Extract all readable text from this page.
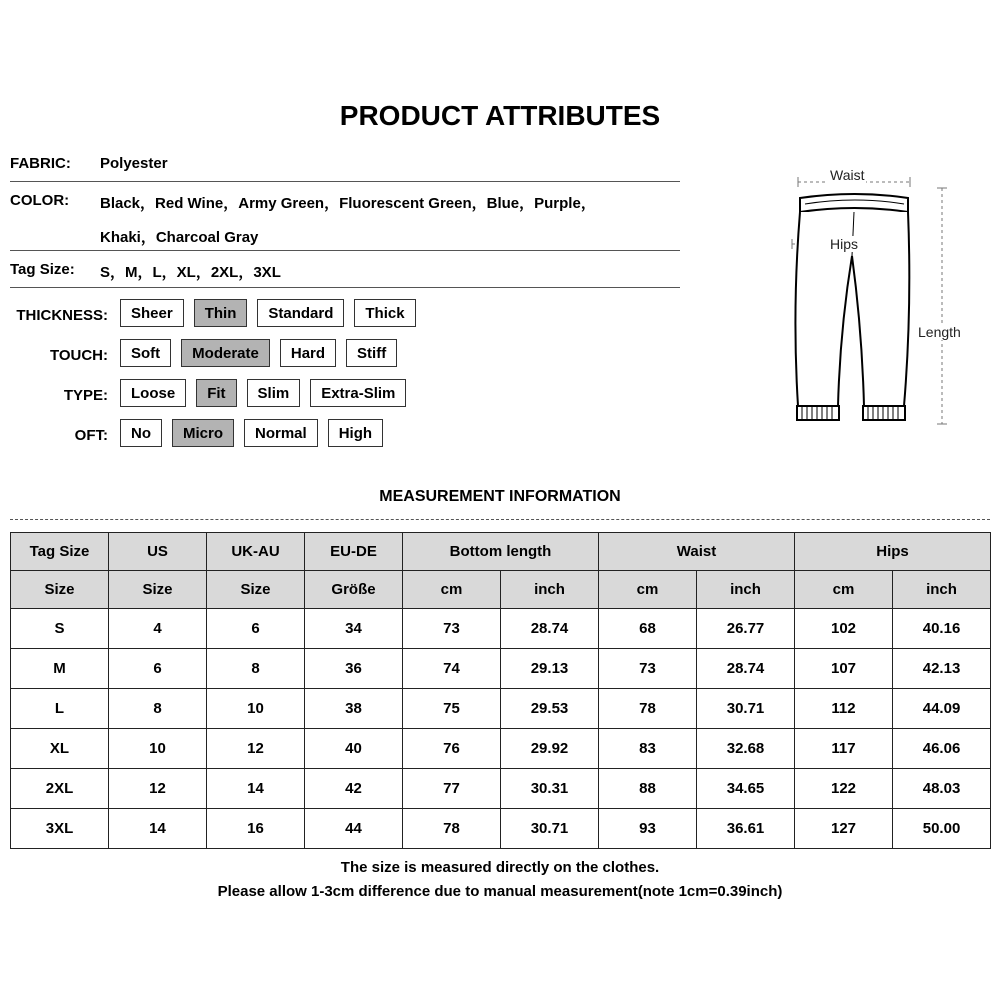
PRODUCT ATTRIBUTES
FABRIC: Polyester
COLOR: Black，Red Wine，Army Green，Fluorescent Green，Blue，Purple，
Khaki，Charcoal Gray
Tag Size: S，M，L，XL，2XL，3XL
THICKNESS:	Sheer	Thin	Standard	Thick
TOUCH:	Soft	Moderate	Hard	Stiff
TYPE:	Loose	Fit	Slim	Extra-Slim
OFT:	No	Micro	Normal	High
Waist
Hips
Length
MEASUREMENT INFORMATION
Tag Size	US	UK-AU	EU-DE	Bottom length		Waist		Hips	
Size	Size	Size	Größe	cm	inch	cm	inch	cm	inch
S	4	6	34	73	28.74	68	26.77	102	40.16
M	6	8	36	74	29.13	73	28.74	107	42.13
L	8	10	38	75	29.53	78	30.71	112	44.09
XL	10	12	40	76	29.92	83	32.68	117	46.06
2XL	12	14	42	77	30.31	88	34.65	122	48.03
3XL	14	16	44	78	30.71	93	36.61	127	50.00
The size is measured directly on the clothes.
Please allow 1-3cm difference due to manual measurement(note 1cm=0.39inch)
